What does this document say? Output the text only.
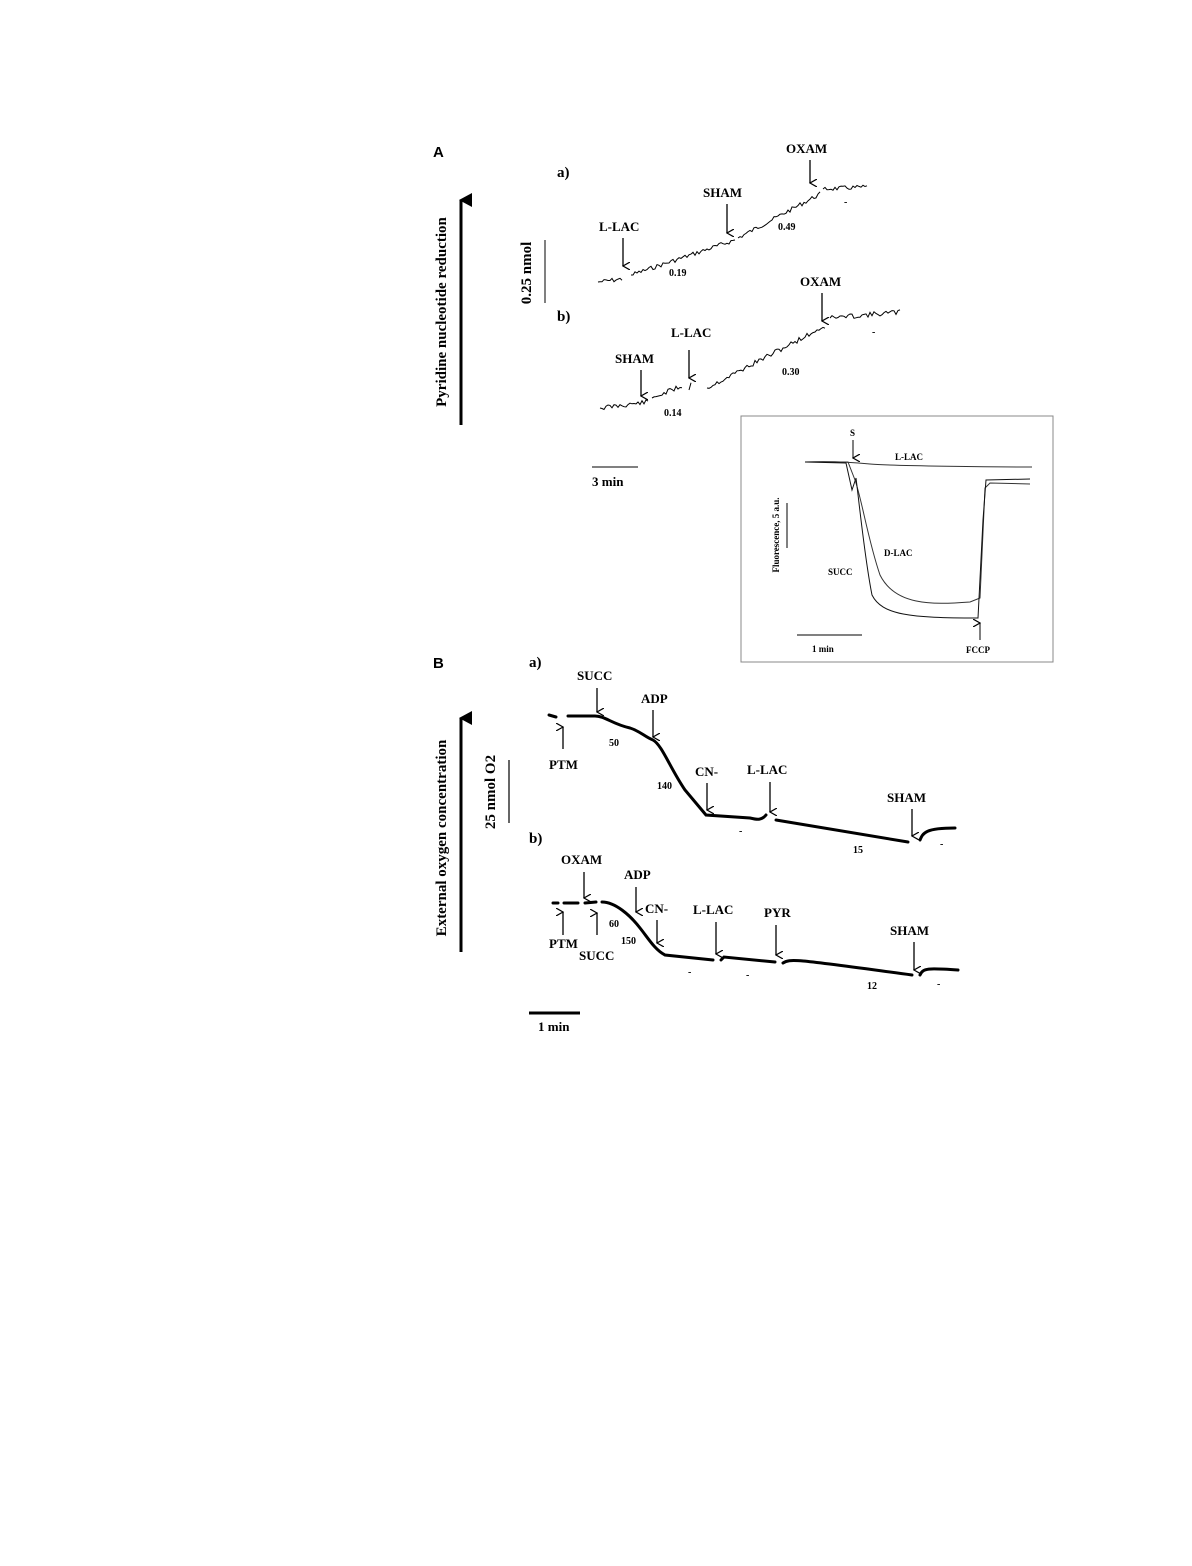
A
Pyridine nucleotide reduction	0.25 nmol
a)
L-LAC
SHAM
OXAM
0.19
0.49
-
b)
SHAM
L-LAC
OXAM
0.14
0.30
-
3 min
S
L-LAC
D-LAC
SUCC
Fluorescence, 5 a.u.
1 min	FCCP
B
External oxygen concentration 25 nmol O2
a)
PTM
SUCC
ADP
CN- L-LAC
SHAM
50
140
-
15
-
b)
PTM
OXAM
SUCC
ADP
CN- L-LAC PYR
SHAM
60
150
-	-
12	-
1 min
